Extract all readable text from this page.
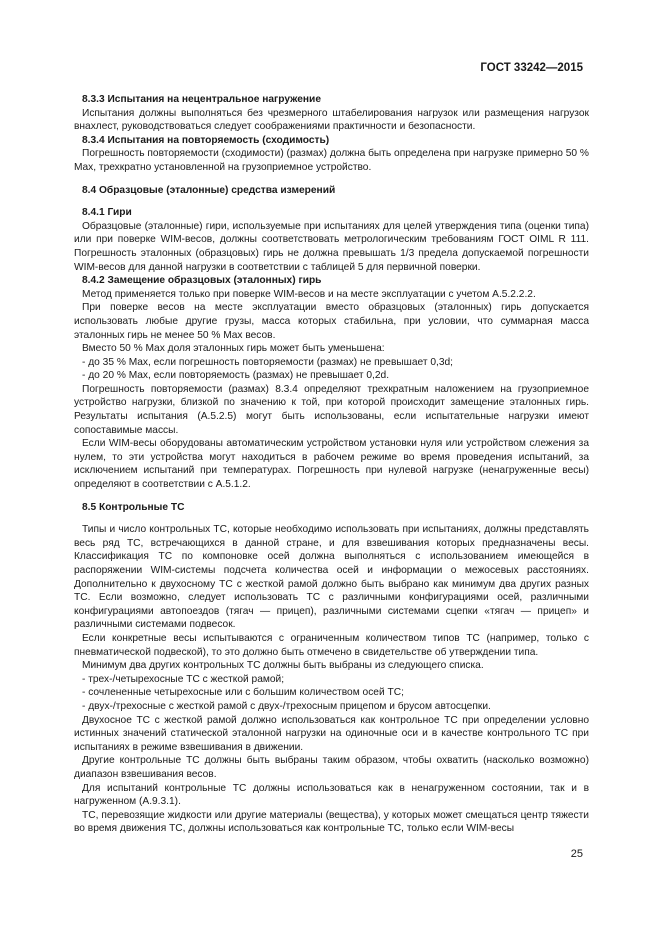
ГОСТ 33242—2015

8.3.3 Испытания на нецентральное нагружение

Испытания должны выполняться без чрезмерного штабелирования нагрузок или размещения нагрузок внахлест, руководствоваться следует соображениями практичности и безопасности.

8.3.4 Испытания на повторяемость (сходимость)

Погрешность повторяемости (сходимости) (размах) должна быть определена при нагрузке примерно 50 % Max, трехкратно установленной на грузоприемное устройство.

8.4 Образцовые (эталонные) средства измерений

8.4.1 Гири

Образцовые (эталонные) гири, используемые при испытаниях для целей утверждения типа (оценки типа) или при поверке WIM-весов, должны соответствовать метрологическим требованиям ГОСТ OIML R 111. Погрешность эталонных (образцовых) гирь не должна превышать 1/3 предела допускаемой погрешности WIM-весов для данной нагрузки в соответствии с таблицей 5 для первичной поверки.

8.4.2 Замещение образцовых (эталонных) гирь

Метод применяется только при поверке WIM-весов и на месте эксплуатации с учетом А.5.2.2.2.

При поверке весов на месте эксплуатации вместо образцовых (эталонных) гирь допускается использовать любые другие грузы, масса которых стабильна, при условии, что суммарная масса эталонных гирь не менее 50 % Max весов.

Вместо 50 % Max доля эталонных гирь может быть уменьшена:

- до 35 % Max, если погрешность повторяемости (размах) не превышает 0,3d;

- до 20 % Max, если повторяемость (размах) не превышает 0,2d.

Погрешность повторяемости (размах) 8.3.4 определяют трехкратным наложением на грузоприемное устройство нагрузки, близкой по значению к той, при которой происходит замещение эталонных гирь. Результаты испытания (А.5.2.5) могут быть использованы, если испытательные нагрузки имеют сопоставимые массы.

Если WIM-весы оборудованы автоматическим устройством установки нуля или устройством слежения за нулем, то эти устройства могут находиться в рабочем режиме во время проведения испытаний, за исключением испытаний при температурах. Погрешность при нулевой нагрузке (ненагруженные весы) определяют в соответствии с А.5.1.2.

8.5 Контрольные ТС

Типы и число контрольных ТС, которые необходимо использовать при испытаниях, должны представлять весь ряд ТС, встречающихся в данной стране, и для взвешивания которых предназначены весы. Классификация ТС по компоновке осей должна выполняться с использованием имеющейся в распоряжении WIM-системы подсчета количества осей и информации о межосевых расстояниях. Дополнительно к двухосному ТС с жесткой рамой должно быть выбрано как минимум два других разных ТС. Если возможно, следует использовать ТС с различными конфигурациями осей, различными конфигурациями автопоездов (тягач — прицеп), различными системами сцепки «тягач — прицеп» и различными системами подвесок.

Если конкретные весы испытываются с ограниченным количеством типов ТС (например, только с пневматической подвеской), то это должно быть отмечено в свидетельстве об утверждении типа.

Минимум два других контрольных ТС должны быть выбраны из следующего списка.

- трех-/четырехосные ТС с жесткой рамой;

- сочлененные четырехосные или с большим количеством осей ТС;

- двух-/трехосные с жесткой рамой с двух-/трехосным прицепом и брусом автосцепки.

Двухосное ТС с жесткой рамой должно использоваться как контрольное ТС при определении условно истинных значений статической эталонной нагрузки на одиночные оси и в качестве контрольного ТС при испытаниях в режиме взвешивания в движении.

Другие контрольные ТС должны быть выбраны таким образом, чтобы охватить (насколько возможно) диапазон взвешивания весов.

Для испытаний контрольные ТС должны использоваться как в ненагруженном состоянии, так и в нагруженном (А.9.3.1).

ТС, перевозящие жидкости или другие материалы (вещества), у которых может смещаться центр тяжести во время движения ТС, должны использоваться как контрольные ТС, только если WIM-весы

25
